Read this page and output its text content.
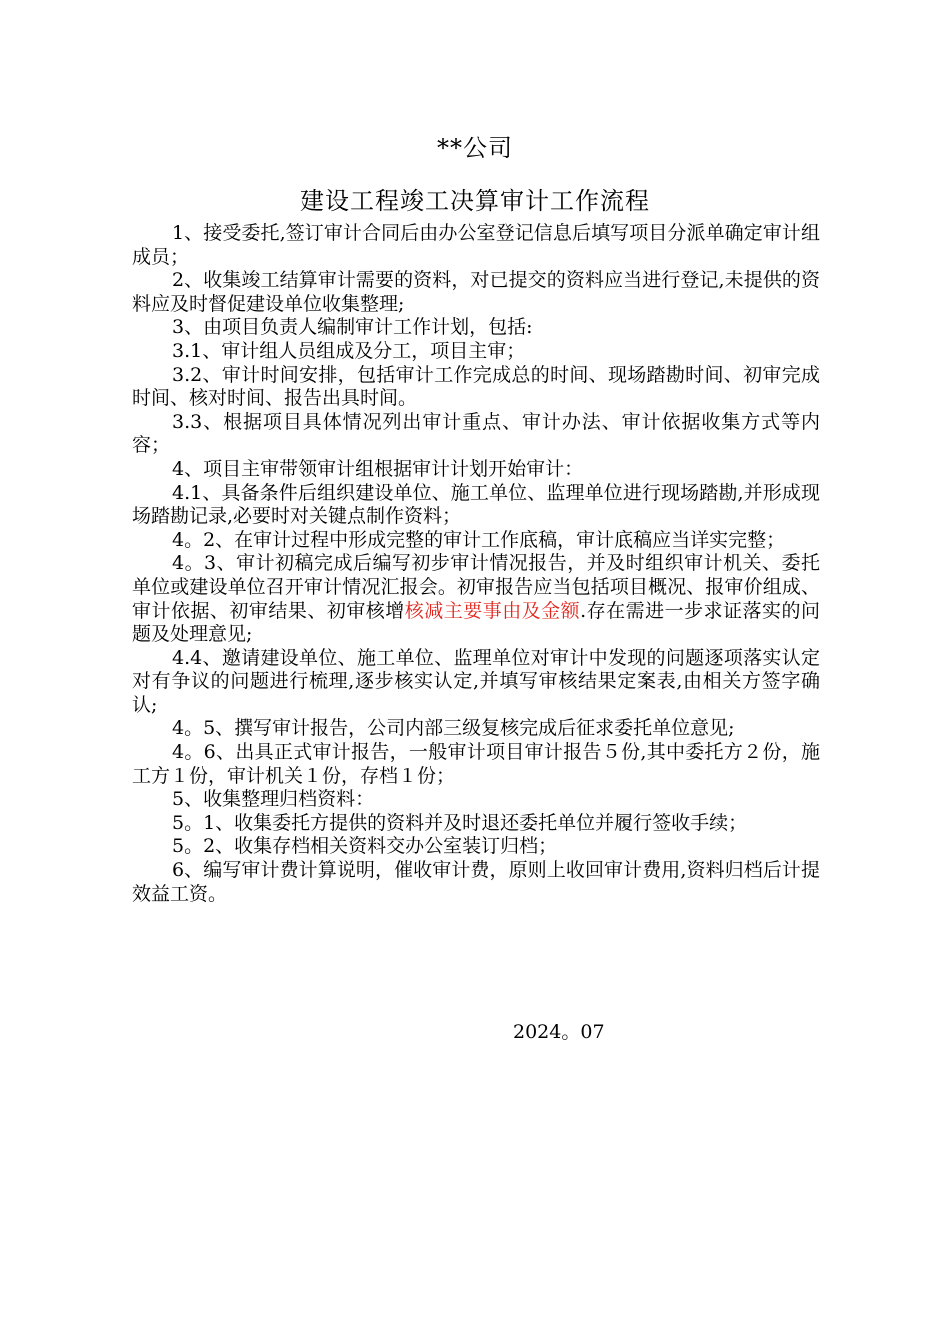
**公司
建设工程竣工决算审计工作流程

1、接受委托,签订审计合同后由办公室登记信息后填写项目分派单确定审计组成员；

2、收集竣工结算审计需要的资料，对已提交的资料应当进行登记,未提供的资料应及时督促建设单位收集整理;

3、由项目负责人编制审计工作计划，包括:

3.1、审计组人员组成及分工，项目主审；

3.2、审计时间安排，包括审计工作完成总的时间、现场踏勘时间、初审完成时间、核对时间、报告出具时间。

3.3、根据项目具体情况列出审计重点、审计办法、审计依据收集方式等内容；

4、项目主审带领审计组根据审计计划开始审计：

4.1、具备条件后组织建设单位、施工单位、监理单位进行现场踏勘,并形成现场踏勘记录,必要时对关键点制作资料；

4。2、在审计过程中形成完整的审计工作底稿，审计底稿应当详实完整；

4。3、审计初稿完成后编写初步审计情况报告，并及时组织审计机关、委托单位或建设单位召开审计情况汇报会。初审报告应当包括项目概况、报审价组成、审计依据、初审结果、初审核增核减主要事由及金额.存在需进一步求证落实的问题及处理意见;

4.4、邀请建设单位、施工单位、监理单位对审计中发现的问题逐项落实认定对有争议的问题进行梳理,逐步核实认定,并填写审核结果定案表,由相关方签字确认;

4。5、撰写审计报告，公司内部三级复核完成后征求委托单位意见;

4。6、出具正式审计报告，一般审计项目审计报告５份,其中委托方２份，施工方１份，审计机关１份，存档１份；

5、收集整理归档资料：

5。1、收集委托方提供的资料并及时退还委托单位并履行签收手续；

5。2、收集存档相关资料交办公室装订归档；

6、编写审计费计算说明，催收审计费，原则上收回审计费用,资料归档后计提效益工资。

2024。07
